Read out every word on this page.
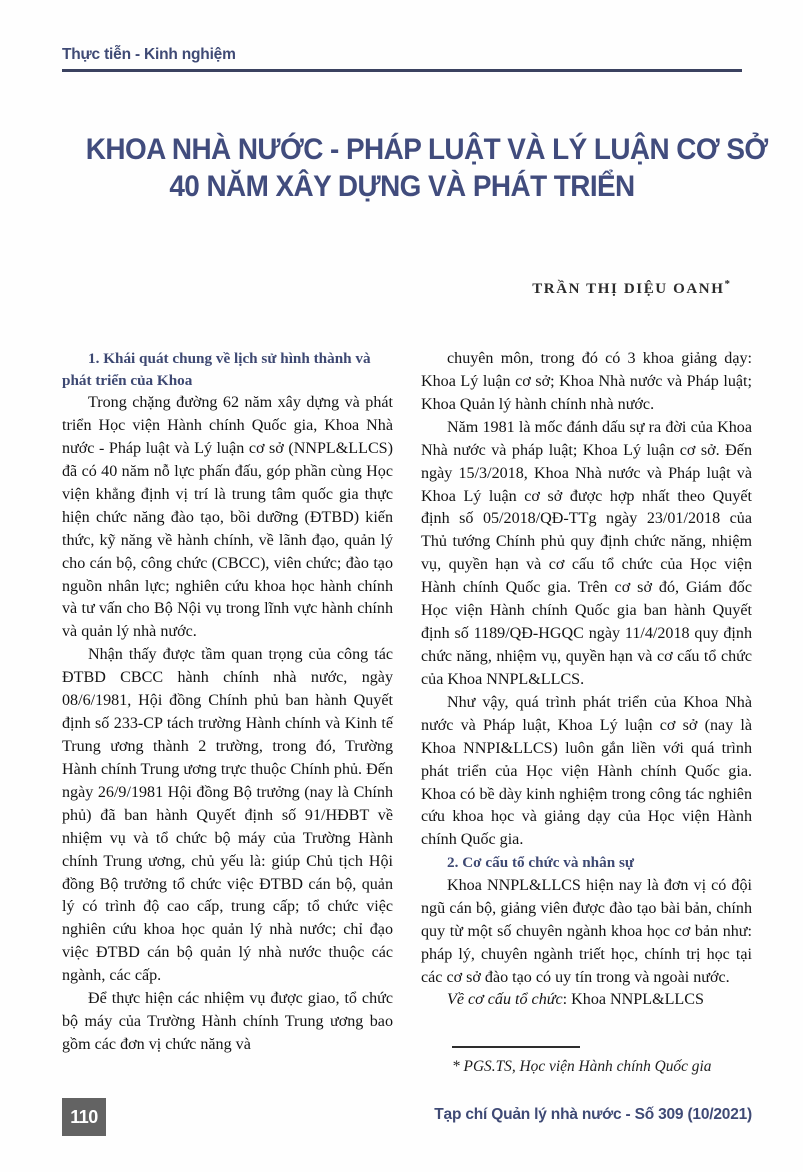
Thực tiễn - Kinh nghiệm
KHOA NHÀ NƯỚC - PHÁP LUẬT VÀ LÝ LUẬN CƠ SỞ
40 NĂM XÂY DỰNG VÀ PHÁT TRIỂN
TRẦN THỊ DIỆU OANH*
1. Khái quát chung về lịch sử hình thành và phát triển của Khoa

Trong chặng đường 62 năm xây dựng và phát triển Học viện Hành chính Quốc gia, Khoa Nhà nước - Pháp luật và Lý luận cơ sở (NNPL&LLCS) đã có 40 năm nỗ lực phấn đấu, góp phần cùng Học viện khẳng định vị trí là trung tâm quốc gia thực hiện chức năng đào tạo, bồi dưỡng (ĐTBD) kiến thức, kỹ năng về hành chính, về lãnh đạo, quản lý cho cán bộ, công chức (CBCC), viên chức; đào tạo nguồn nhân lực; nghiên cứu khoa học hành chính và tư vấn cho Bộ Nội vụ trong lĩnh vực hành chính và quản lý nhà nước.

Nhận thấy được tầm quan trọng của công tác ĐTBD CBCC hành chính nhà nước, ngày 08/6/1981, Hội đồng Chính phủ ban hành Quyết định số 233-CP tách trường Hành chính và Kinh tế Trung ương thành 2 trường, trong đó, Trường Hành chính Trung ương trực thuộc Chính phủ. Đến ngày 26/9/1981 Hội đồng Bộ trưởng (nay là Chính phủ) đã ban hành Quyết định số 91/HĐBT về nhiệm vụ và tổ chức bộ máy của Trường Hành chính Trung ương, chủ yếu là: giúp Chủ tịch Hội đồng Bộ trưởng tổ chức việc ĐTBD cán bộ, quản lý có trình độ cao cấp, trung cấp; tổ chức việc nghiên cứu khoa học quản lý nhà nước; chỉ đạo việc ĐTBD cán bộ quản lý nhà nước thuộc các ngành, các cấp.

Để thực hiện các nhiệm vụ được giao, tổ chức bộ máy của Trường Hành chính Trung ương bao gồm các đơn vị chức năng và

chuyên môn, trong đó có 3 khoa giảng dạy: Khoa Lý luận cơ sở; Khoa Nhà nước và Pháp luật; Khoa Quản lý hành chính nhà nước.

Năm 1981 là mốc đánh dấu sự ra đời của Khoa Nhà nước và pháp luật; Khoa Lý luận cơ sở. Đến ngày 15/3/2018, Khoa Nhà nước và Pháp luật và Khoa Lý luận cơ sở được hợp nhất theo Quyết định số 05/2018/QĐ-TTg ngày 23/01/2018 của Thủ tướng Chính phủ quy định chức năng, nhiệm vụ, quyền hạn và cơ cấu tổ chức của Học viện Hành chính Quốc gia. Trên cơ sở đó, Giám đốc Học viện Hành chính Quốc gia ban hành Quyết định số 1189/QĐ-HGQC ngày 11/4/2018 quy định chức năng, nhiệm vụ, quyền hạn và cơ cấu tổ chức của Khoa NNPL&LLCS.

Như vậy, quá trình phát triển của Khoa Nhà nước và Pháp luật, Khoa Lý luận cơ sở (nay là Khoa NNPI&LLCS) luôn gắn liền với quá trình phát triển của Học viện Hành chính Quốc gia. Khoa có bề dày kinh nghiệm trong công tác nghiên cứu khoa học và giảng dạy của Học viện Hành chính Quốc gia.

2. Cơ cấu tổ chức và nhân sự

Khoa NNPL&LLCS hiện nay là đơn vị có đội ngũ cán bộ, giảng viên được đào tạo bài bản, chính quy từ một số chuyên ngành khoa học cơ bản như: pháp lý, chuyên ngành triết học, chính trị học tại các cơ sở đào tạo có uy tín trong và ngoài nước.

Về cơ cấu tổ chức: Khoa NNPL&LLCS

* PGS.TS, Học viện Hành chính Quốc gia
110	Tạp chí Quản lý nhà nước - Số 309 (10/2021)
